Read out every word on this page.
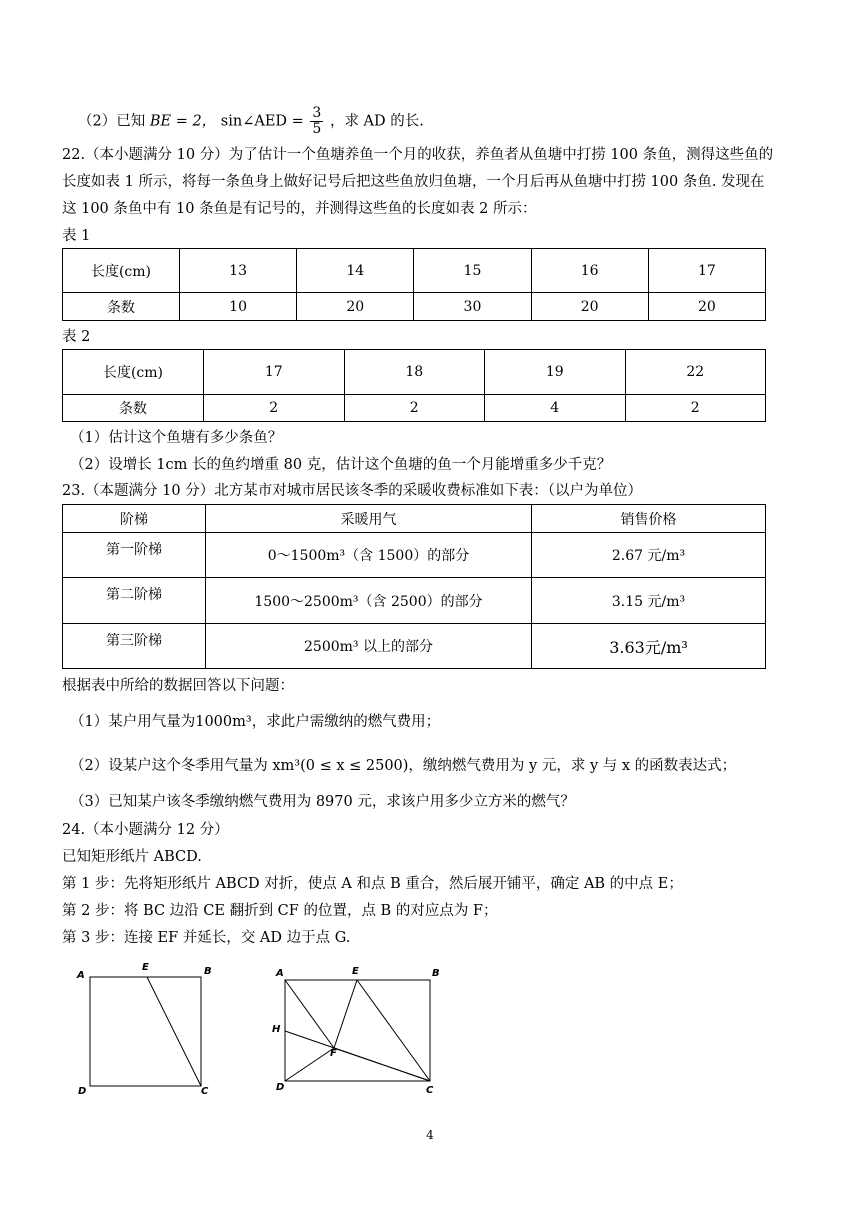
（2）已知 BE = 2， sin∠AED = $\frac{3}{5}$ ，求 AD 的长.
22.（本小题满分 10 分）为了估计一个鱼塘养鱼一个月的收获，养鱼者从鱼塘中打捞 100 条鱼，测得这些鱼的
长度如表 1 所示，将每一条鱼身上做好记号后把这些鱼放归鱼塘，一个月后再从鱼塘中打捞 100 条鱼. 发现在
这 100 条鱼中有 10 条鱼是有记号的，并测得这些鱼的长度如表 2 所示：
表 1
长度(cm)	13	14	15	16	17
条数	10	20	30	20	20
表 2
长度(cm)	17	18	19	22
条数	2	2	4	2
（1）估计这个鱼塘有多少条鱼？
（2）设增长 1cm 长的鱼约增重 80 克，估计这个鱼塘的鱼一个月能增重多少千克？
23.（本题满分 10 分）北方某市对城市居民该冬季的采暖收费标准如下表：（以户为单位）
阶梯	采暖用气	销售价格
第一阶梯	0～1500m³（含 1500）的部分	2.67 元/m³
第二阶梯	1500～2500m³（含 2500）的部分	3.15 元/m³
第三阶梯	2500m³ 以上的部分	3.63元/m³
根据表中所给的数据回答以下问题：
（1）某户用气量为1000m³，求此户需缴纳的燃气费用；
（2）设某户这个冬季用气量为 xm³(0 ≤ x ≤ 2500)，缴纳燃气费用为 y 元，求 y 与 x 的函数表达式；
（3）已知某户该冬季缴纳燃气费用为 8970 元，求该户用多少立方米的燃气？
24.（本小题满分 12 分）
已知矩形纸片 ABCD.
第 1 步：先将矩形纸片 ABCD 对折，使点 A 和点 B 重合，然后展开铺平，确定 AB 的中点 E；
第 2 步：将 BC 边沿 CE 翻折到 CF 的位置，点 B 的对应点为 F；
第 3 步：连接 EF 并延长，交 AD 边于点 G.
A
E	B
D	C
A	E	B
H
F
D	C
4
